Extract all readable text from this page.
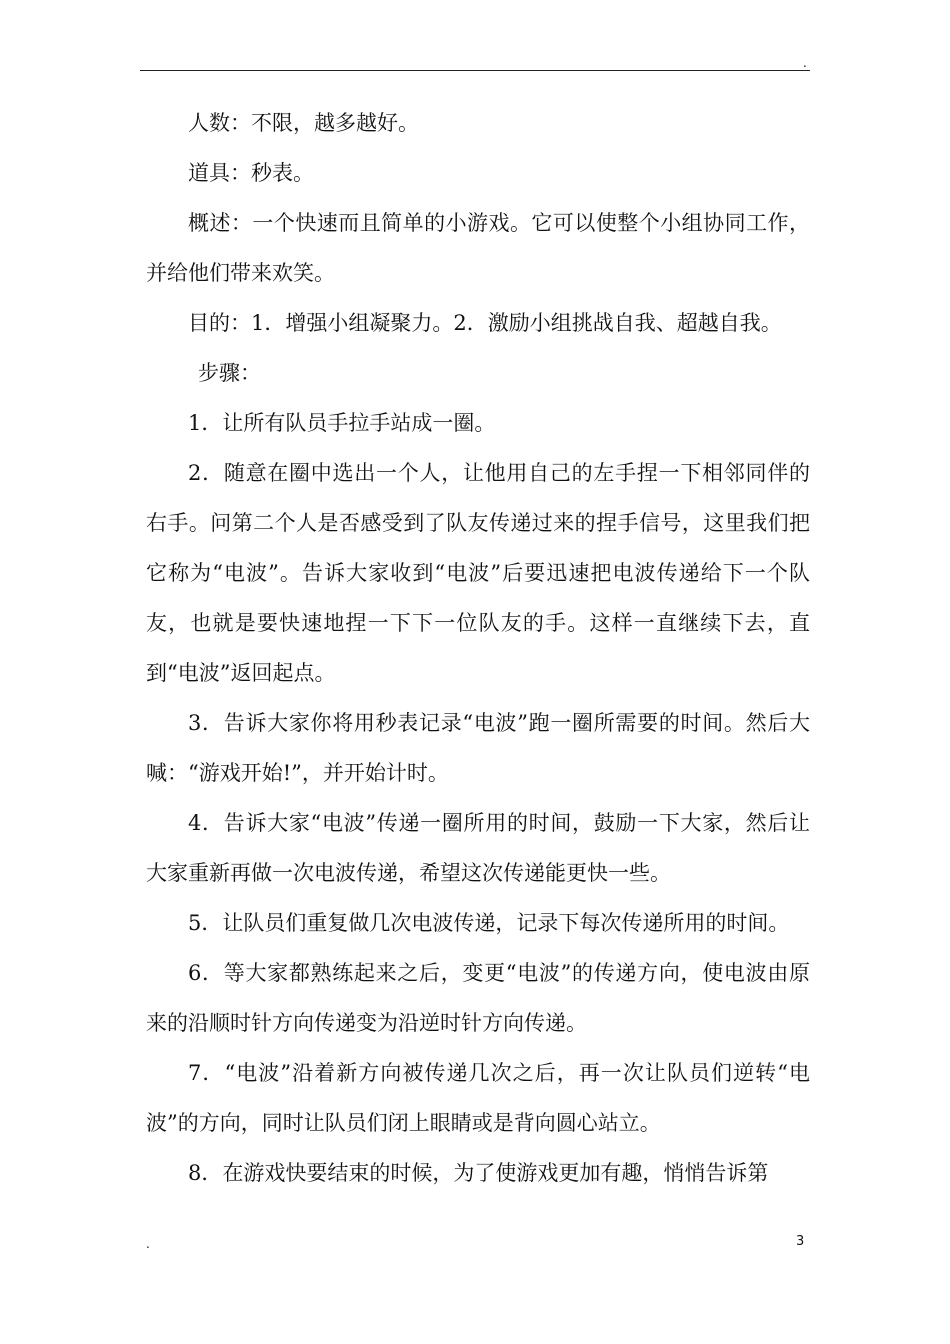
.

人数：不限，越多越好。

道具：秒表。

概述：一个快速而且简单的小游戏。它可以使整个小组协同工作，并给他们带来欢笑。

目的：1．增强小组凝聚力。2．激励小组挑战自我、超越自我。

步骤：

1．让所有队员手拉手站成一圈。

2．随意在圈中选出一个人，让他用自己的左手捏一下相邻同伴的右手。问第二个人是否感受到了队友传递过来的捏手信号，这里我们把它称为“电波”。告诉大家收到“电波”后要迅速把电波传递给下一个队友，也就是要快速地捏一下下一位队友的手。这样一直继续下去，直到“电波”返回起点。

3．告诉大家你将用秒表记录“电波”跑一圈所需要的时间。然后大喊：“游戏开始!”，并开始计时。

4．告诉大家“电波”传递一圈所用的时间，鼓励一下大家，然后让大家重新再做一次电波传递，希望这次传递能更快一些。

5．让队员们重复做几次电波传递，记录下每次传递所用的时间。

6．等大家都熟练起来之后，变更“电波”的传递方向，使电波由原来的沿顺时针方向传递变为沿逆时针方向传递。

7．“电波”沿着新方向被传递几次之后，再一次让队员们逆转“电波”的方向，同时让队员们闭上眼睛或是背向圆心站立。

8．在游戏快要结束的时候，为了使游戏更加有趣，悄悄告诉第

.	3
